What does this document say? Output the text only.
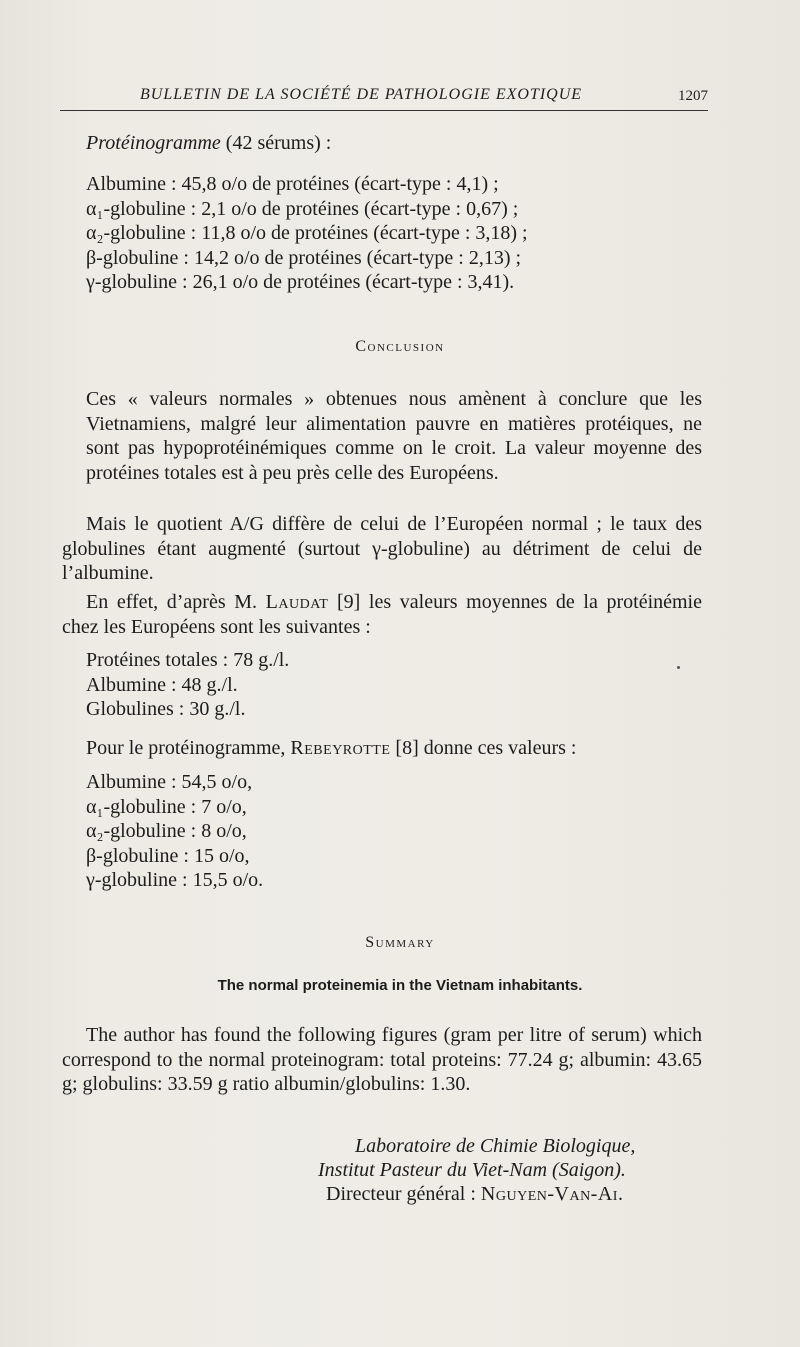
BULLETIN DE LA SOCIÉTÉ DE PATHOLOGIE EXOTIQUE	1207
Protéinogramme (42 sérums) :
Albumine : 45,8 o/o de protéines (écart-type : 4,1) ;
α₁-globuline : 2,1 o/o de protéines (écart-type : 0,67) ;
α₂-globuline : 11,8 o/o de protéines (écart-type : 3,18) ;
β-globuline : 14,2 o/o de protéines (écart-type : 2,13) ;
γ-globuline : 26,1 o/o de protéines (écart-type : 3,41).
Conclusion
Ces « valeurs normales » obtenues nous amènent à conclure que les Vietnamiens, malgré leur alimentation pauvre en matières protéiques, ne sont pas hypoprotéinémiques comme on le croit. La valeur moyenne des protéines totales est à peu près celle des Européens.
Mais le quotient A/G diffère de celui de l’Européen normal ; le taux des globulines étant augmenté (surtout γ-globuline) au détriment de celui de l’albumine.
En effet, d’après M. Laudat [9] les valeurs moyennes de la protéinémie chez les Européens sont les suivantes :
Protéines totales : 78 g./l.
Albumine : 48 g./l.
Globulines : 30 g./l.
Pour le protéinogramme, Rebeyrotte [8] donne ces valeurs :
Albumine : 54,5 o/o,
α₁-globuline : 7 o/o,
α₂-globuline : 8 o/o,
β-globuline : 15 o/o,
γ-globuline : 15,5 o/o.
Summary
The normal proteinemia in the Vietnam inhabitants.
The author has found the following figures (gram per litre of serum) which correspond to the normal proteinogram: total proteins: 77.24 g; albumin: 43.65 g; globulins: 33.59 g ratio albumin/globulins: 1.30.
Laboratoire de Chimie Biologique,
Institut Pasteur du Viet-Nam (Saigon).
Directeur général : Nguyen-Van-Ai.
